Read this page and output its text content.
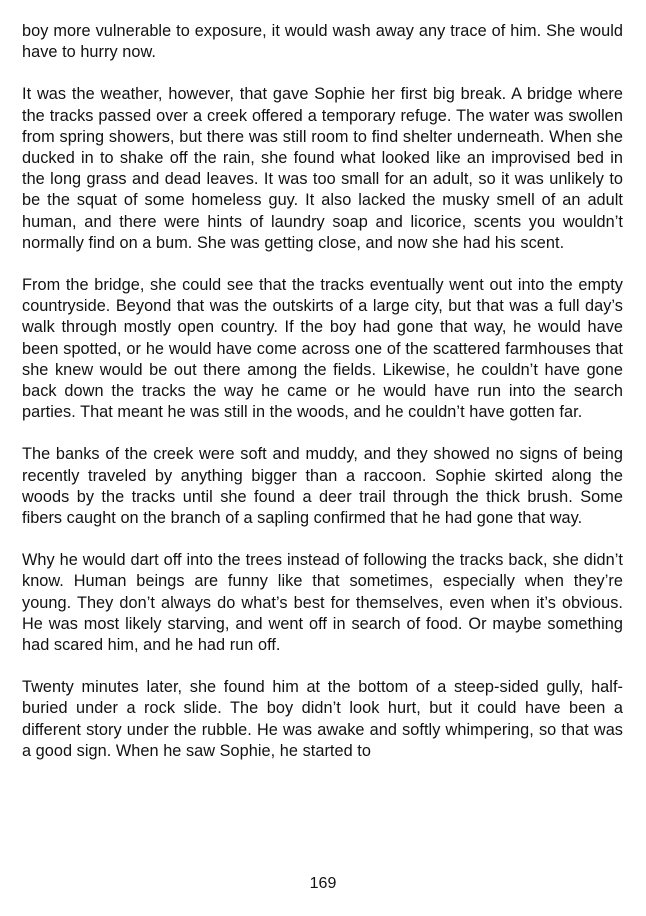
boy more vulnerable to exposure, it would wash away any trace of him. She would have to hurry now.

It was the weather, however, that gave Sophie her first big break. A bridge where the tracks passed over a creek offered a temporary refuge. The water was swollen from spring showers, but there was still room to find shelter underneath. When she ducked in to shake off the rain, she found what looked like an improvised bed in the long grass and dead leaves. It was too small for an adult, so it was unlikely to be the squat of some homeless guy. It also lacked the musky smell of an adult human, and there were hints of laundry soap and licorice, scents you wouldn’t normally find on a bum. She was getting close, and now she had his scent.

From the bridge, she could see that the tracks eventually went out into the empty countryside. Beyond that was the outskirts of a large city, but that was a full day’s walk through mostly open country. If the boy had gone that way, he would have been spotted, or he would have come across one of the scattered farmhouses that she knew would be out there among the fields. Likewise, he couldn’t have gone back down the tracks the way he came or he would have run into the search parties. That meant he was still in the woods, and he couldn’t have gotten far.

The banks of the creek were soft and muddy, and they showed no signs of being recently traveled by anything bigger than a raccoon. Sophie skirted along the woods by the tracks until she found a deer trail through the thick brush. Some fibers caught on the branch of a sapling confirmed that he had gone that way.

Why he would dart off into the trees instead of following the tracks back, she didn’t know. Human beings are funny like that sometimes, especially when they’re young. They don’t always do what’s best for themselves, even when it’s obvious. He was most likely starving, and went off in search of food. Or maybe something had scared him, and he had run off.

Twenty minutes later, she found him at the bottom of a steep-sided gully, half-buried under a rock slide. The boy didn’t look hurt, but it could have been a different story under the rubble. He was awake and softly whimpering, so that was a good sign. When he saw Sophie, he started to

169
